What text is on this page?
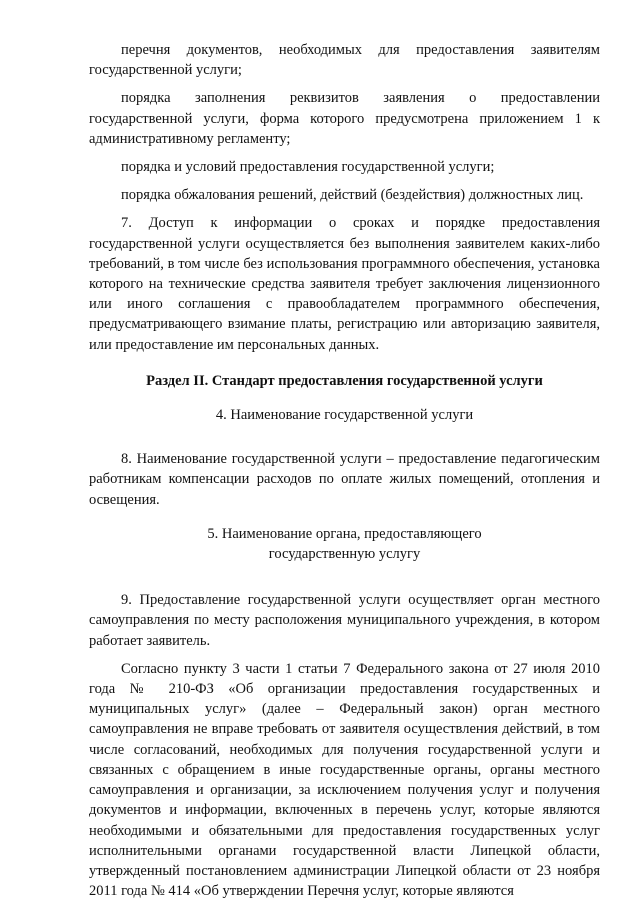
перечня документов, необходимых для предоставления заявителям государственной услуги;

порядка заполнения реквизитов заявления о предоставлении государственной услуги, форма которого предусмотрена приложением 1 к административному регламенту;

порядка и условий предоставления государственной услуги;

порядка обжалования решений, действий (бездействия) должностных лиц.

7. Доступ к информации о сроках и порядке предоставления государственной услуги осуществляется без выполнения заявителем каких-либо требований, в том числе без использования программного обеспечения, установка которого на технические средства заявителя требует заключения лицензионного или иного соглашения с правообладателем программного обеспечения, предусматривающего взимание платы, регистрацию или авторизацию заявителя, или предоставление им персональных данных.

Раздел II. Стандарт предоставления государственной услуги
4. Наименование государственной услуги

8. Наименование государственной услуги – предоставление педагогическим работникам компенсации расходов по оплате жилых помещений, отопления и освещения.

5. Наименование органа, предоставляющего
государственную услугу

9. Предоставление государственной услуги осуществляет орган местного самоуправления по месту расположения муниципального учреждения, в котором работает заявитель.

Согласно пункту 3 части 1 статьи 7 Федерального закона от 27 июля 2010 года № 210-ФЗ «Об организации предоставления государственных и муниципальных услуг» (далее – Федеральный закон) орган местного самоуправления не вправе требовать от заявителя осуществления действий, в том числе согласований, необходимых для получения государственной услуги и связанных с обращением в иные государственные органы, органы местного самоуправления и организации, за исключением получения услуг и получения документов и информации, включенных в перечень услуг, которые являются необходимыми и обязательными для предоставления государственных услуг исполнительными органами государственной власти Липецкой области, утвержденный постановлением администрации Липецкой области от 23 ноября 2011 года № 414 «Об утверждении Перечня услуг, которые являются
